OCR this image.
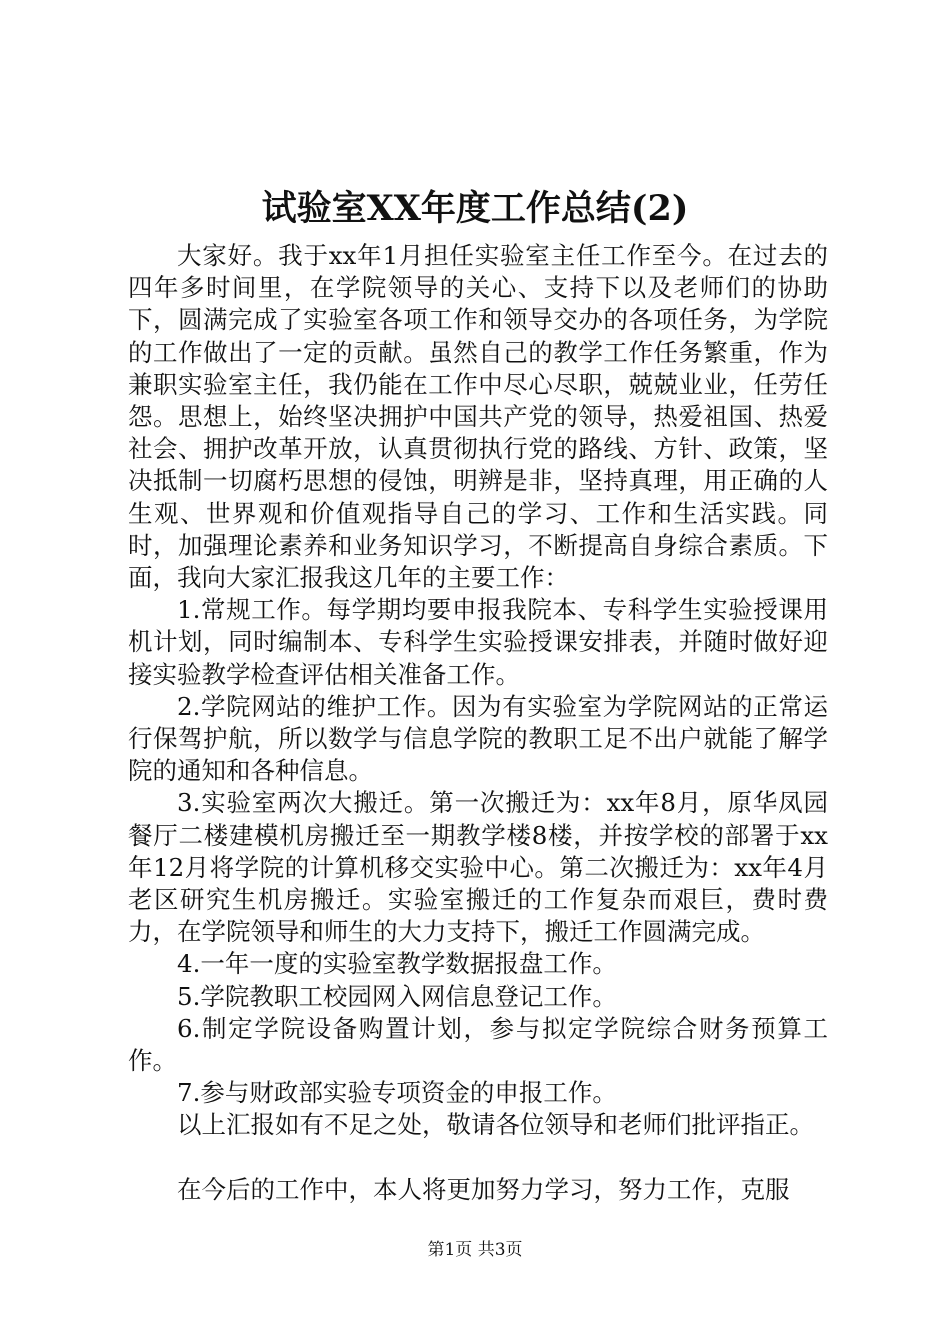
试验室XX年度工作总结(2)

大家好。我于xx年1月担任实验室主任工作至今。在过去的四年多时间里，在学院领导的关心、支持下以及老师们的协助下，圆满完成了实验室各项工作和领导交办的各项任务，为学院的工作做出了一定的贡献。虽然自己的教学工作任务繁重，作为兼职实验室主任，我仍能在工作中尽心尽职，兢兢业业，任劳任怨。思想上，始终坚决拥护中国共产党的领导，热爱祖国、热爱社会、拥护改革开放，认真贯彻执行党的路线、方针、政策，坚决抵制一切腐朽思想的侵蚀，明辨是非，坚持真理，用正确的人生观、世界观和价值观指导自己的学习、工作和生活实践。同时，加强理论素养和业务知识学习，不断提高自身综合素质。下面，我向大家汇报我这几年的主要工作：

1.常规工作。每学期均要申报我院本、专科学生实验授课用机计划，同时编制本、专科学生实验授课安排表，并随时做好迎接实验教学检查评估相关准备工作。

2.学院网站的维护工作。因为有实验室为学院网站的正常运行保驾护航，所以数学与信息学院的教职工足不出户就能了解学院的通知和各种信息。

3.实验室两次大搬迁。第一次搬迁为：xx年8月，原华凤园餐厅二楼建模机房搬迁至一期教学楼8楼，并按学校的部署于xx年12月将学院的计算机移交实验中心。第二次搬迁为：xx年4月老区研究生机房搬迁。实验室搬迁的工作复杂而艰巨，费时费力，在学院领导和师生的大力支持下，搬迁工作圆满完成。

4.一年一度的实验室教学数据报盘工作。

5.学院教职工校园网入网信息登记工作。

6.制定学院设备购置计划，参与拟定学院综合财务预算工作。

7.参与财政部实验专项资金的申报工作。

以上汇报如有不足之处，敬请各位领导和老师们批评指正。

在今后的工作中，本人将更加努力学习，努力工作，克服

第1页 共3页
